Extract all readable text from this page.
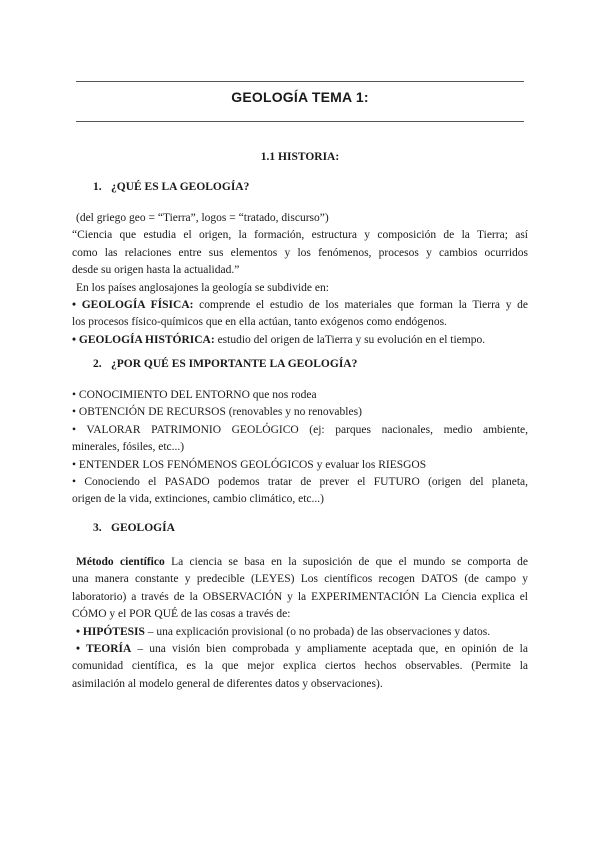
GEOLOGÍA TEMA 1:
1.1 HISTORIA:
1. ¿QUÉ ES LA GEOLOGÍA?

(del griego geo = “Tierra”, logos = “tratado, discurso”)

“Ciencia que estudia el origen, la formación, estructura y composición de la Tierra; así

como las relaciones entre sus elementos y los fenómenos, procesos y cambios ocurridos

desde su origen hasta la actualidad.”

En los países anglosajones la geología se subdivide en:

• GEOLOGÍA FÍSICA: comprende el estudio de los materiales que forman la Tierra y de

los procesos físico-químicos que en ella actúan, tanto exógenos como endógenos.

• GEOLOGÍA HISTÓRICA: estudio del origen de laTierra y su evolución en el tiempo.

2. ¿POR QUÉ ES IMPORTANTE LA GEOLOGÍA?

• CONOCIMIENTO DEL ENTORNO que nos rodea

• OBTENCIÓN DE RECURSOS (renovables y no renovables)

• VALORAR PATRIMONIO GEOLÓGICO (ej: parques nacionales, medio ambiente,

minerales, fósiles, etc...)

• ENTENDER LOS FENÓMENOS GEOLÓGICOS y evaluar los RIESGOS

• Conociendo el PASADO podemos tratar de prever el FUTURO (origen del planeta,

origen de la vida, extinciones, cambio climático, etc...)

3. GEOLOGÍA

Método científico La ciencia se basa en la suposición de que el mundo se comporta de

una manera constante y predecible (LEYES) Los científicos recogen DATOS (de campo y

laboratorio) a través de la OBSERVACIÓN y la EXPERIMENTACIÓN La Ciencia explica el

CÓMO y el POR QUÉ de las cosas a través de:

• HIPÓTESIS – una explicación provisional (o no probada) de las observaciones y datos.

• TEORÍA – una visión bien comprobada y ampliamente aceptada que, en opinión de la

comunidad científica, es la que mejor explica ciertos hechos observables. (Permite la

asimilación al modelo general de diferentes datos y observaciones).
